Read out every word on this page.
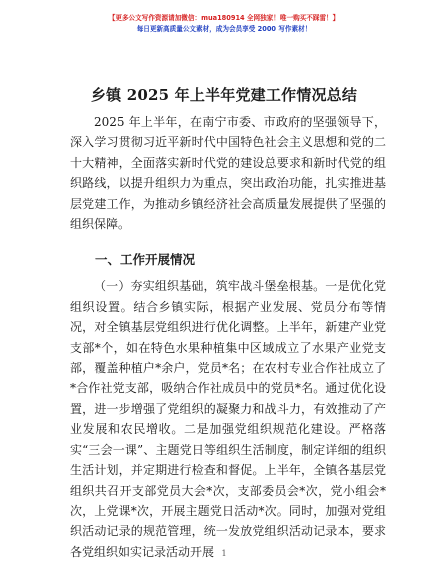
【更多公文写作资源请加微信：mua180914 全网独家！唯一购买不踩雷！】
每日更新高质量公文素材，成为会员享受 2000 写作素材！
乡镇 2025 年上半年党建工作情况总结

2025 年上半年，在南宁市委、市政府的坚强领导下，深入学习贯彻习近平新时代中国特色社会主义思想和党的二十大精神，全面落实新时代党的建设总要求和新时代党的组织路线，以提升组织力为重点，突出政治功能，扎实推进基层党建工作，为推动乡镇经济社会高质量发展提供了坚强的组织保障。

一、工作开展情况

（一）夯实组织基础，筑牢战斗堡垒根基。一是优化党组织设置。结合乡镇实际，根据产业发展、党员分布等情况，对全镇基层党组织进行优化调整。上半年，新建产业党支部*个，如在特色水果种植集中区域成立了水果产业党支部，覆盖种植户*余户，党员*名；在农村专业合作社成立了*合作社党支部，吸纳合作社成员中的党员*名。通过优化设置，进一步增强了党组织的凝聚力和战斗力，有效推动了产业发展和农民增收。二是加强党组织规范化建设。严格落实“三会一课”、主题党日等组织生活制度，制定详细的组织生活计划，并定期进行检查和督促。上半年，全镇各基层党组织共召开支部党员大会*次，支部委员会*次，党小组会*次，上党课*次，开展主题党日活动*次。同时，加强对党组织活动记录的规范管理，统一发放党组织活动记录本，要求各党组织如实记录活动开展 1
